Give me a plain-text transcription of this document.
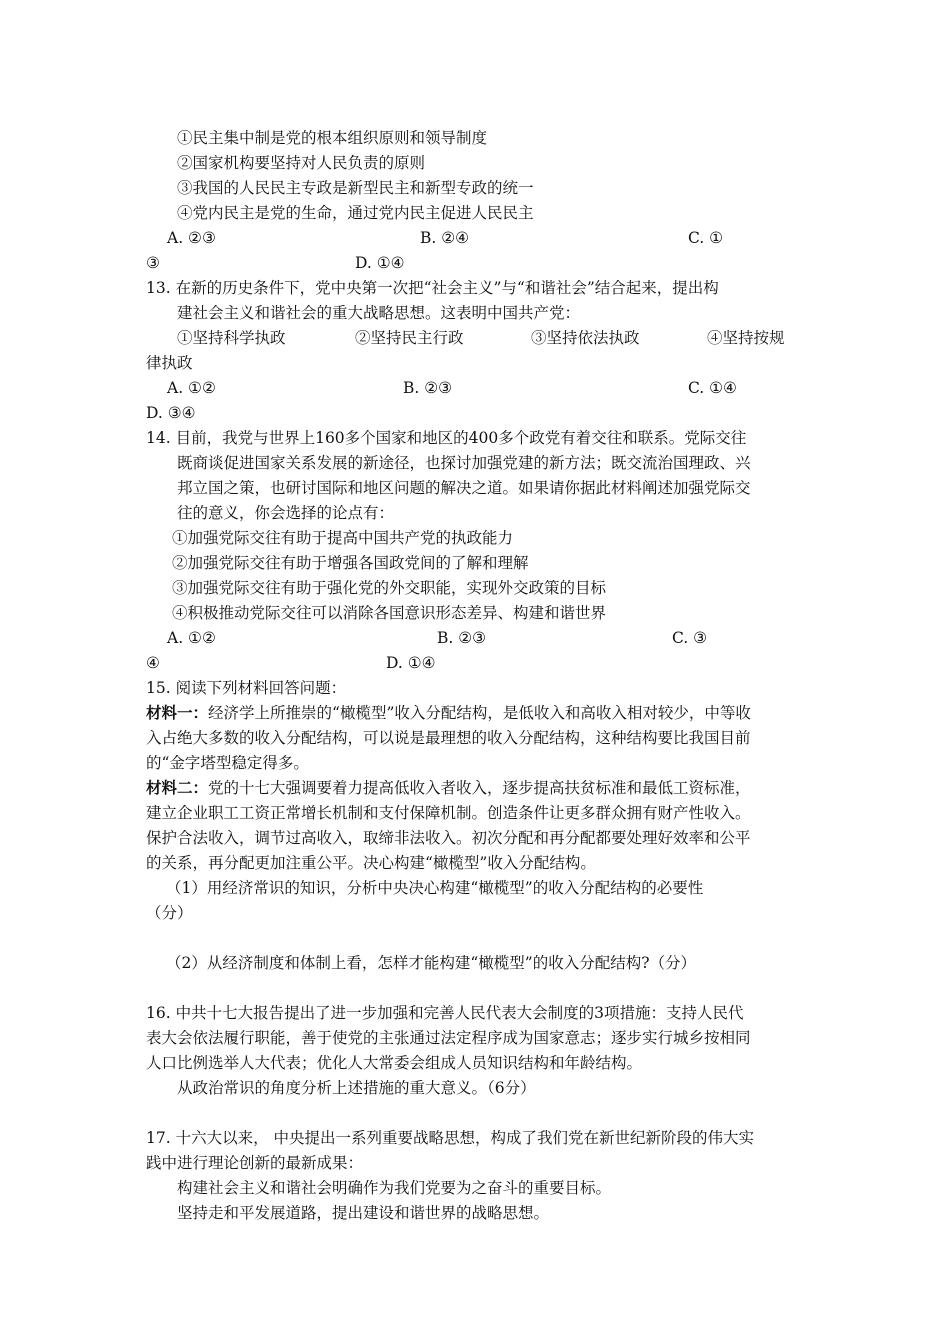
①民主集中制是党的根本组织原则和领导制度
②国家机构要坚持对人民负责的原则
③我国的人民民主专政是新型民主和新型专政的统一
④党内民主是党的生命，通过党内民主促进人民民主
A. ②③	B. ②④	C. ①
③	D. ①④
13. 在新的历史条件下，党中央第一次把“社会主义”与“和谐社会”结合起来，提出构
建社会主义和谐社会的重大战略思想。这表明中国共产党：
①坚持科学执政	②坚持民主行政	③坚持依法执政	④坚持按规
律执政
A. ①②	B. ②③	C. ①④
D. ③④
14. 目前，我党与世界上160多个国家和地区的400多个政党有着交往和联系。党际交往
既商谈促进国家关系发展的新途径，也探讨加强党建的新方法；既交流治国理政、兴
邦立国之策，也研讨国际和地区问题的解决之道。如果请你据此材料阐述加强党际交
往的意义，你会选择的论点有：
①加强党际交往有助于提高中国共产党的执政能力
②加强党际交往有助于增强各国政党间的了解和理解
③加强党际交往有助于强化党的外交职能，实现外交政策的目标
④积极推动党际交往可以消除各国意识形态差异、构建和谐世界
A. ①②	B. ②③	C. ③
④	D. ①④
15. 阅读下列材料回答问题：
材料一：经济学上所推崇的“橄榄型”收入分配结构，是低收入和高收入相对较少，中等收
入占绝大多数的收入分配结构，可以说是最理想的收入分配结构，这种结构要比我国目前
的“金字塔型稳定得多。
材料二：党的十七大强调要着力提高低收入者收入，逐步提高扶贫标准和最低工资标准，
建立企业职工工资正常增长机制和支付保障机制。创造条件让更多群众拥有财产性收入。
保护合法收入，调节过高收入，取缔非法收入。初次分配和再分配都要处理好效率和公平
的关系，再分配更加注重公平。决心构建“橄榄型”收入分配结构。
（1）用经济常识的知识，分析中央决心构建“橄榄型”的收入分配结构的必要性
（分）
（2）从经济制度和体制上看，怎样才能构建“橄榄型”的收入分配结构?（分）
16. 中共十七大报告提出了进一步加强和完善人民代表大会制度的3项措施：支持人民代
表大会依法履行职能，善于使党的主张通过法定程序成为国家意志；逐步实行城乡按相同
人口比例选举人大代表；优化人大常委会组成人员知识结构和年龄结构。
从政治常识的角度分析上述措施的重大意义。（6分）
17. 十六大以来， 中央提出一系列重要战略思想，构成了我们党在新世纪新阶段的伟大实
践中进行理论创新的最新成果：
构建社会主义和谐社会明确作为我们党要为之奋斗的重要目标。
坚持走和平发展道路，提出建设和谐世界的战略思想。
